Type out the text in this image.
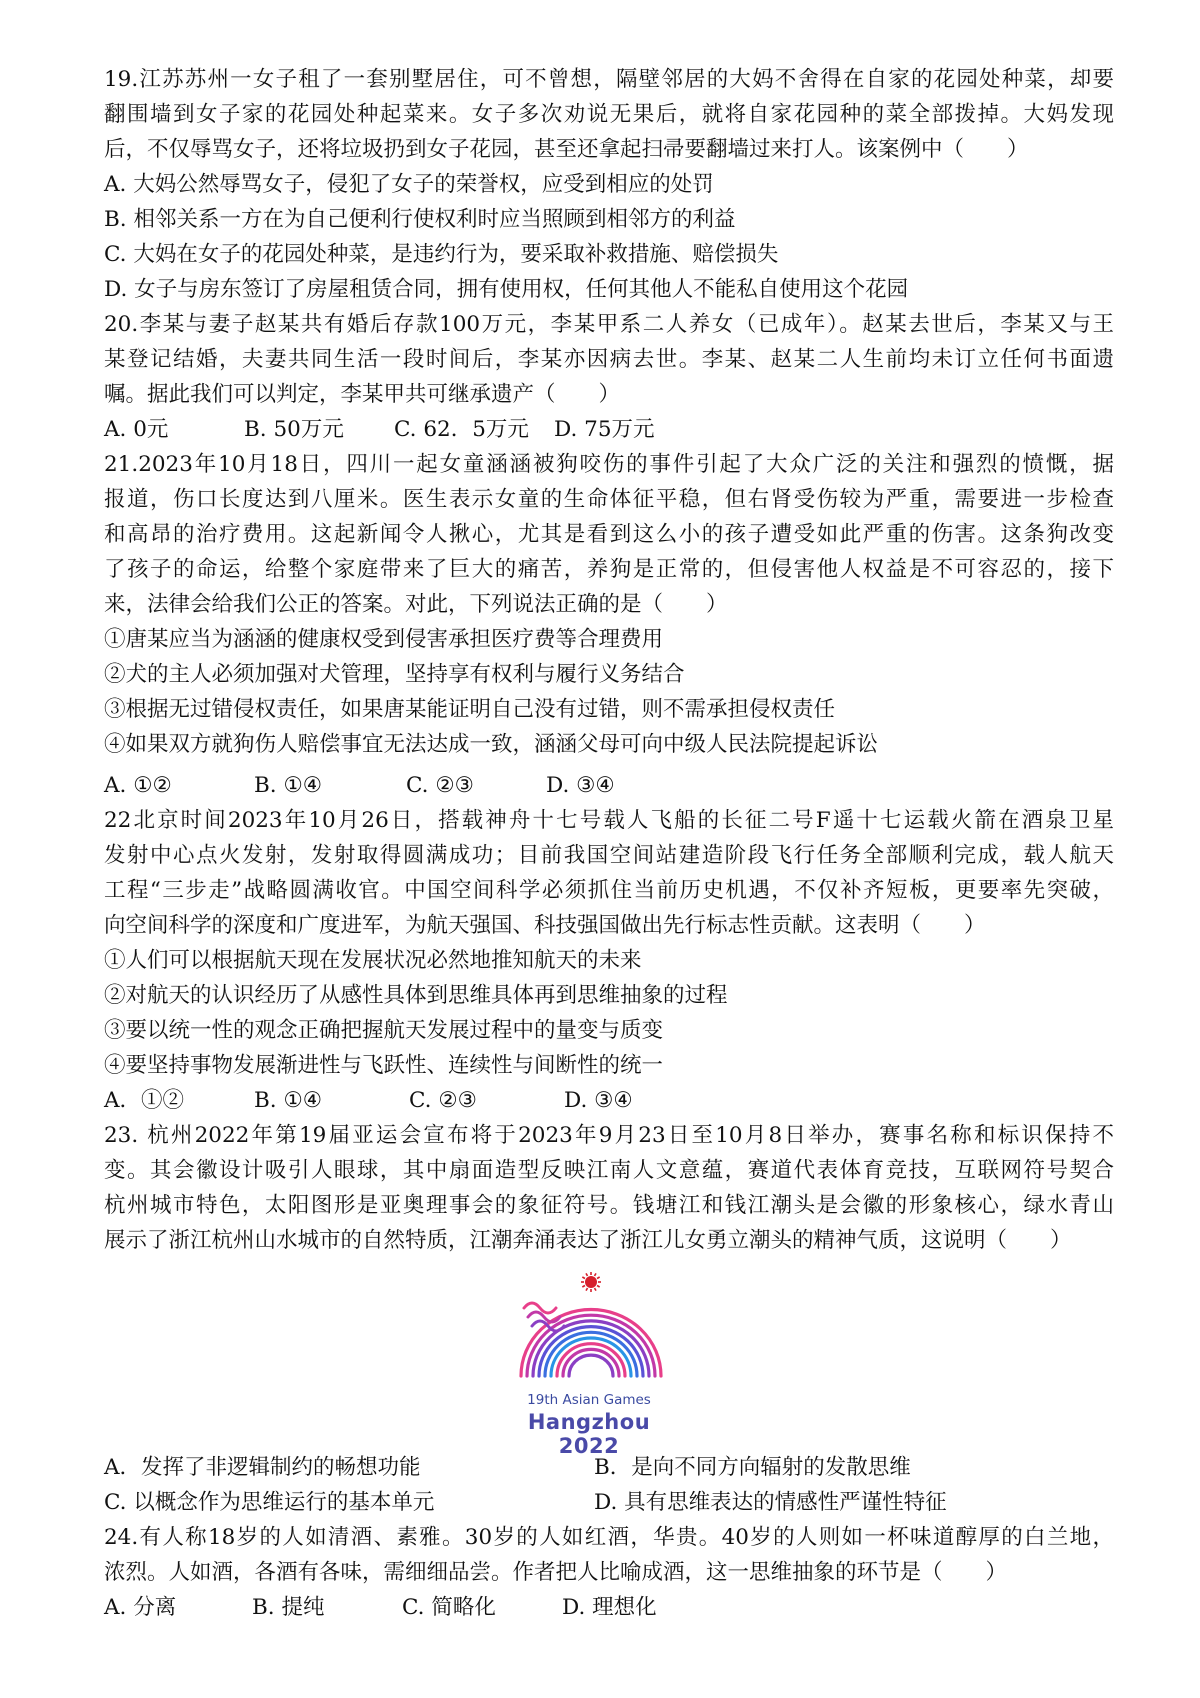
19.江苏苏州一女子租了一套别墅居住，可不曾想，隔壁邻居的大妈不舍得在自家的花园处种菜，却要
翻围墙到女子家的花园处种起菜来。女子多次劝说无果后，就将自家花园种的菜全部拨掉。大妈发现
后，不仅辱骂女子，还将垃圾扔到女子花园，甚至还拿起扫帚要翻墙过来打人。该案例中（　　）
A. 大妈公然辱骂女子，侵犯了女子的荣誉权，应受到相应的处罚
B. 相邻关系一方在为自己便利行使权利时应当照顾到相邻方的利益
C. 大妈在女子的花园处种菜，是违约行为，要采取补救措施、赔偿损失
D. 女子与房东签订了房屋租赁合同，拥有使用权，任何其他人不能私自使用这个花园
20.李某与妻子赵某共有婚后存款100万元，李某甲系二人养女（已成年）。赵某去世后，李某又与王
某登记结婚，夫妻共同生活一段时间后，李某亦因病去世。李某、赵某二人生前均未订立任何书面遗
嘱。据此我们可以判定，李某甲共可继承遗产（　　）
A. 0元	B. 50万元	C. 62．5万元	D. 75万元
21.2023年10月18日，四川一起女童涵涵被狗咬伤的事件引起了大众广泛的关注和强烈的愤慨，据
报道，伤口长度达到八厘米。医生表示女童的生命体征平稳，但右肾受伤较为严重，需要进一步检查
和高昂的治疗费用。这起新闻令人揪心，尤其是看到这么小的孩子遭受如此严重的伤害。这条狗改变
了孩子的命运，给整个家庭带来了巨大的痛苦，养狗是正常的，但侵害他人权益是不可容忍的，接下
来，法律会给我们公正的答案。对此，下列说法正确的是（　　）
①唐某应当为涵涵的健康权受到侵害承担医疗费等合理费用
②犬的主人必须加强对犬管理，坚持享有权利与履行义务结合
③根据无过错侵权责任，如果唐某能证明自己没有过错，则不需承担侵权责任
④如果双方就狗伤人赔偿事宜无法达成一致，涵涵父母可向中级人民法院提起诉讼
A. ①②	B. ①④	C. ②③	D. ③④
22北京时间2023年10月26日，搭载神舟十七号载人飞船的长征二号F遥十七运载火箭在酒泉卫星
发射中心点火发射，发射取得圆满成功；目前我国空间站建造阶段飞行任务全部顺利完成，载人航天
工程“三步走”战略圆满收官。中国空间科学必须抓住当前历史机遇，不仅补齐短板，更要率先突破，
向空间科学的深度和广度进军，为航天强国、科技强国做出先行标志性贡献。这表明（　　）
①人们可以根据航天现在发展状况必然地推知航天的未来
②对航天的认识经历了从感性具体到思维具体再到思维抽象的过程
③要以统一性的观念正确把握航天发展过程中的量变与质变
④要坚持事物发展渐进性与飞跃性、连续性与间断性的统一
A．①②	B. ①④	C. ②③	D. ③④
23. 杭州2022年第19届亚运会宣布将于2023年9月23日至10月8日举办，赛事名称和标识保持不
变。其会徽设计吸引人眼球，其中扇面造型反映江南人文意蕴，赛道代表体育竞技，互联网符号契合
杭州城市特色，太阳图形是亚奥理事会的象征符号。钱塘江和钱江潮头是会徽的形象核心，绿水青山
展示了浙江杭州山水城市的自然特质，江潮奔涌表达了浙江儿女勇立潮头的精神气质，这说明（　　）
19th Asian Games
Hangzhou 2022
A．发挥了非逻辑制约的畅想功能	B．是向不同方向辐射的发散思维
C. 以概念作为思维运行的基本单元	D. 具有思维表达的情感性严谨性特征
24.有人称18岁的人如清酒、素雅。30岁的人如红酒，华贵。40岁的人则如一杯味道醇厚的白兰地，
浓烈。人如酒，各酒有各味，需细细品尝。作者把人比喻成酒，这一思维抽象的环节是（　　）
A. 分离	B. 提纯	C. 简略化	D. 理想化
